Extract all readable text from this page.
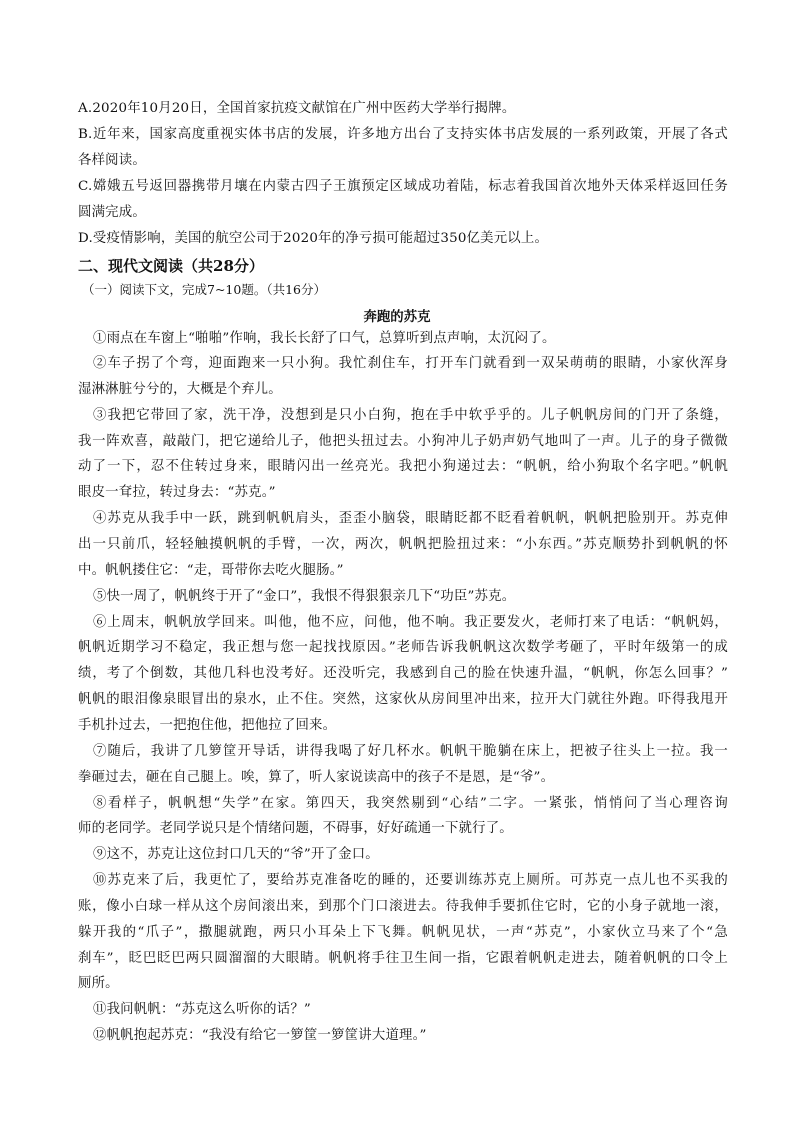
A.2020年10月20日，全国首家抗疫文献馆在广州中医药大学举行揭牌。
B.近年来，国家高度重视实体书店的发展，许多地方出台了支持实体书店发展的一系列政策，开展了各式
各样阅读。
C.嫦娥五号返回器携带月壤在内蒙古四子王旗预定区域成功着陆，标志着我国首次地外天体采样返回任务
圆满完成。
D.受疫情影响，美国的航空公司于2020年的净亏损可能超过350亿美元以上。
二、现代文阅读（共28分）
（一）阅读下文，完成7~10题。（共16分）
奔跑的苏克
①雨点在车窗上“啪啪”作响，我长长舒了口气，总算听到点声响，太沉闷了。
②车子拐了个弯，迎面跑来一只小狗。我忙刹住车，打开车门就看到一双呆萌萌的眼睛，小家伙浑身
湿淋淋脏兮兮的，大概是个弃儿。
③我把它带回了家，洗干净，没想到是只小白狗，抱在手中软乎乎的。儿子帆帆房间的门开了条缝，
我一阵欢喜，敲敲门，把它递给儿子，他把头扭过去。小狗冲儿子奶声奶气地叫了一声。儿子的身子微微
动了一下，忍不住转过身来，眼睛闪出一丝亮光。我把小狗递过去：“帆帆，给小狗取个名字吧。”帆帆
眼皮一耷拉，转过身去：“苏克。”
④苏克从我手中一跃，跳到帆帆肩头，歪歪小脑袋，眼睛眨都不眨看着帆帆，帆帆把脸别开。苏克伸
出一只前爪，轻轻触摸帆帆的手臂，一次，两次，帆帆把脸扭过来：“小东西。”苏克顺势扑到帆帆的怀
中。帆帆搂住它：“走，哥带你去吃火腿肠。”
⑤快一周了，帆帆终于开了“金口”，我恨不得狠狠亲几下“功臣”苏克。
⑥上周末，帆帆放学回来。叫他，他不应，问他，他不响。我正要发火，老师打来了电话：“帆帆妈，
帆帆近期学习不稳定，我正想与您一起找找原因。”老师告诉我帆帆这次数学考砸了，平时年级第一的成
绩，考了个倒数，其他几科也没考好。还没听完，我感到自己的脸在快速升温，“帆帆，你怎么回事？”
帆帆的眼泪像泉眼冒出的泉水，止不住。突然，这家伙从房间里冲出来，拉开大门就往外跑。吓得我甩开
手机扑过去，一把抱住他，把他拉了回来。
⑦随后，我讲了几箩筐开导话，讲得我喝了好几杯水。帆帆干脆躺在床上，把被子往头上一拉。我一
拳砸过去，砸在自己腿上。唉，算了，听人家说读高中的孩子不是恩，是“爷”。
⑧看样子，帆帆想“失学”在家。第四天，我突然剔到“心结”二字。一紧张，悄悄问了当心理咨询
师的老同学。老同学说只是个情绪问题，不碍事，好好疏通一下就行了。
⑨这不，苏克让这位封口几天的“爷”开了金口。
⑩苏克来了后，我更忙了，要给苏克准备吃的睡的，还要训练苏克上厕所。可苏克一点儿也不买我的
账，像小白球一样从这个房间滚出来，到那个门口滚进去。待我伸手要抓住它时，它的小身子就地一滚，
躲开我的“爪子”，撒腿就跑，两只小耳朵上下飞舞。帆帆见状，一声“苏克”，小家伙立马来了个“急
刹车”，眨巴眨巴两只圆溜溜的大眼睛。帆帆将手往卫生间一指，它跟着帆帆走进去，随着帆帆的口令上
厕所。
⑪我问帆帆：“苏克这么听你的话？”
⑫帆帆抱起苏克：“我没有给它一箩筐一箩筐讲大道理。”
